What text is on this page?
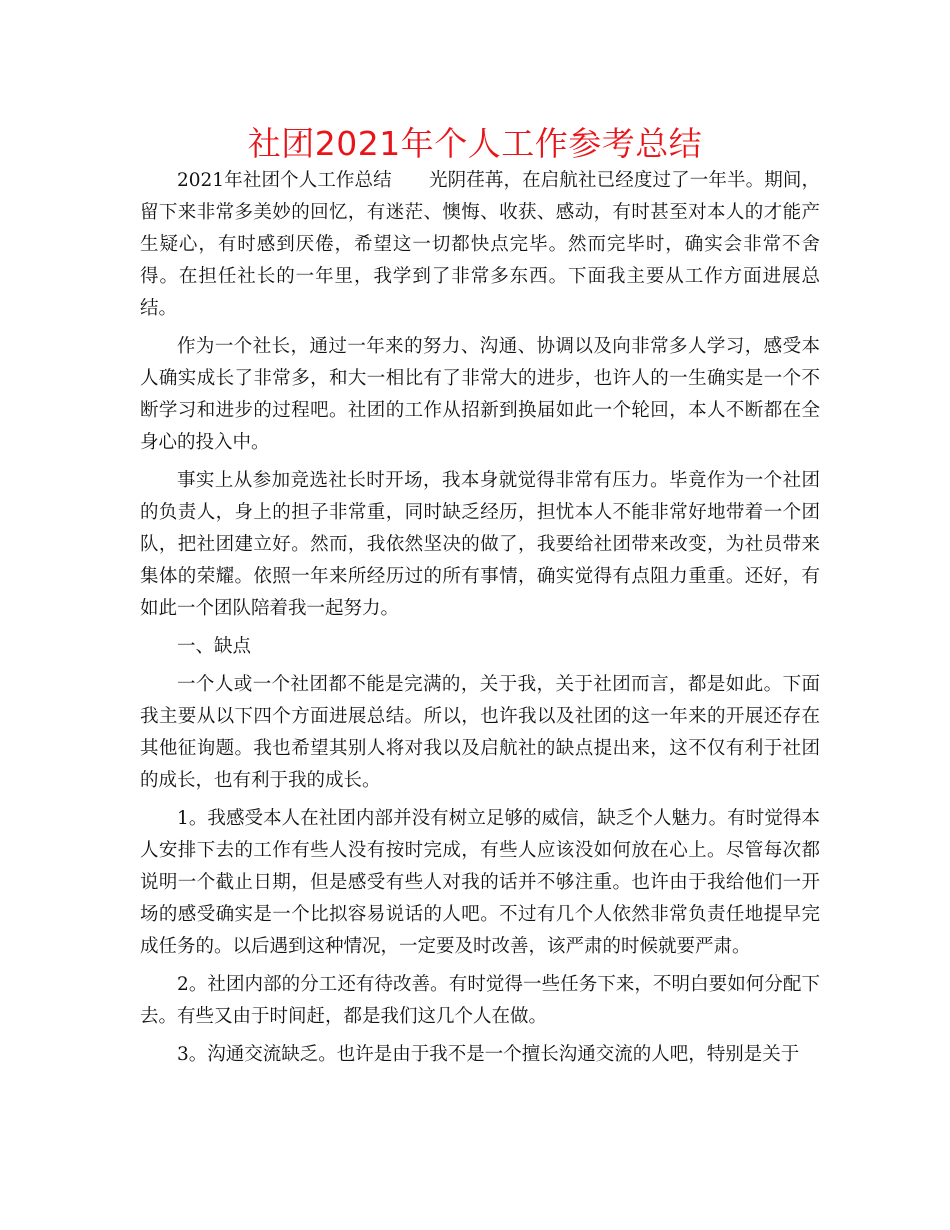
社团2021年个人工作参考总结

2021年社团个人工作总结　　光阴荏苒，在启航社已经度过了一年半。期间，留下来非常多美妙的回忆，有迷茫、懊悔、收获、感动，有时甚至对本人的才能产生疑心，有时感到厌倦，希望这一切都快点完毕。然而完毕时，确实会非常不舍得。在担任社长的一年里，我学到了非常多东西。下面我主要从工作方面进展总结。

作为一个社长，通过一年来的努力、沟通、协调以及向非常多人学习，感受本人确实成长了非常多，和大一相比有了非常大的进步，也许人的一生确实是一个不断学习和进步的过程吧。社团的工作从招新到换届如此一个轮回，本人不断都在全身心的投入中。

事实上从参加竞选社长时开场，我本身就觉得非常有压力。毕竟作为一个社团的负责人，身上的担子非常重，同时缺乏经历，担忧本人不能非常好地带着一个团队，把社团建立好。然而，我依然坚决的做了，我要给社团带来改变，为社员带来集体的荣耀。依照一年来所经历过的所有事情，确实觉得有点阻力重重。还好，有如此一个团队陪着我一起努力。

一、缺点

一个人或一个社团都不能是完满的，关于我，关于社团而言，都是如此。下面我主要从以下四个方面进展总结。所以，也许我以及社团的这一年来的开展还存在其他征询题。我也希望其别人将对我以及启航社的缺点提出来，这不仅有利于社团的成长，也有利于我的成长。

1。我感受本人在社团内部并没有树立足够的威信，缺乏个人魅力。有时觉得本人安排下去的工作有些人没有按时完成，有些人应该没如何放在心上。尽管每次都说明一个截止日期，但是感受有些人对我的话并不够注重。也许由于我给他们一开场的感受确实是一个比拟容易说话的人吧。不过有几个人依然非常负责任地提早完成任务的。以后遇到这种情况，一定要及时改善，该严肃的时候就要严肃。

2。社团内部的分工还有待改善。有时觉得一些任务下来，不明白要如何分配下去。有些又由于时间赶，都是我们这几个人在做。

3。沟通交流缺乏。也许是由于我不是一个擅长沟通交流的人吧，特别是关于
